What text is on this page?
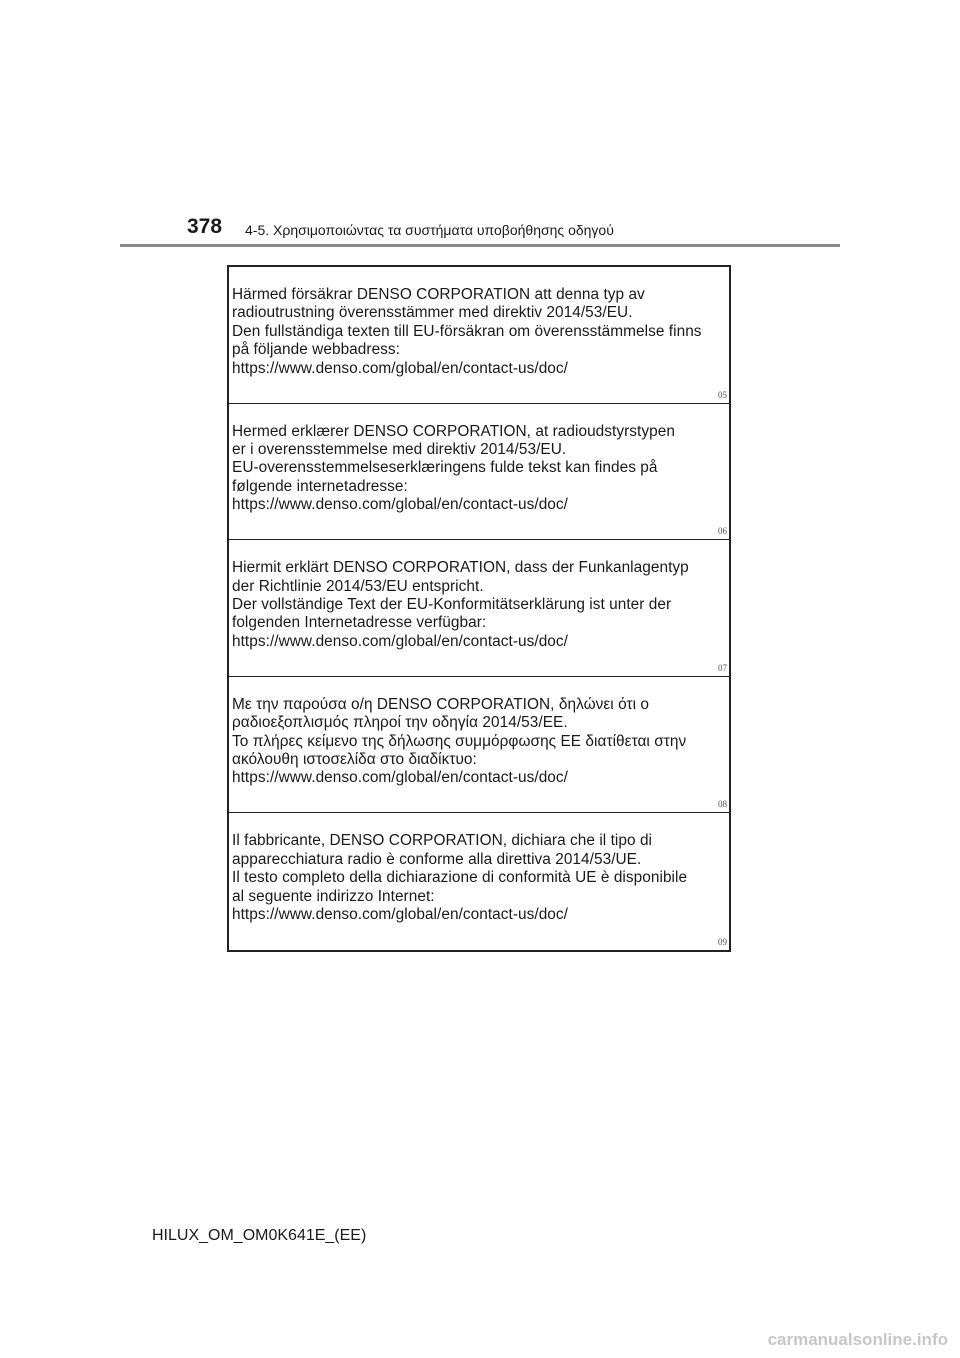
378 4-5. Χρησιμοποιώντας τα συστήματα υποβοήθησης οδηγού
Härmed försäkrar DENSO CORPORATION att denna typ av
radioutrustning överensstämmer med direktiv 2014/53/EU.
Den fullständiga texten till EU-försäkran om överensstämmelse finns
på följande webbadress:
https://www.denso.com/global/en/contact-us/doc/
05
Hermed erklærer DENSO CORPORATION, at radioudstyrstypen
er i overensstemmelse med direktiv 2014/53/EU.
EU-overensstemmelseserklæringens fulde tekst kan findes på
følgende internetadresse:
https://www.denso.com/global/en/contact-us/doc/
06
Hiermit erklärt DENSO CORPORATION, dass der Funkanlagentyp
der Richtlinie 2014/53/EU entspricht.
Der vollständige Text der EU-Konformitätserklärung ist unter der
folgenden Internetadresse verfügbar:
https://www.denso.com/global/en/contact-us/doc/
07
Με την παρούσα ο/η DENSO CORPORATION, δηλώνει ότι ο
ραδιοεξοπλισμός πληροί την οδηγία 2014/53/ΕΕ.
Το πλήρες κείμενο της δήλωσης συμμόρφωσης ΕΕ διατίθεται στην
ακόλουθη ιστοσελίδα στο διαδίκτυο:
https://www.denso.com/global/en/contact-us/doc/
08
Il fabbricante, DENSO CORPORATION, dichiara che il tipo di
apparecchiatura radio è conforme alla direttiva 2014/53/UE.
Il testo completo della dichiarazione di conformità UE è disponibile
al seguente indirizzo Internet:
https://www.denso.com/global/en/contact-us/doc/
09
HILUX_OM_OM0K641E_(EE)
carmanualsonline.info
